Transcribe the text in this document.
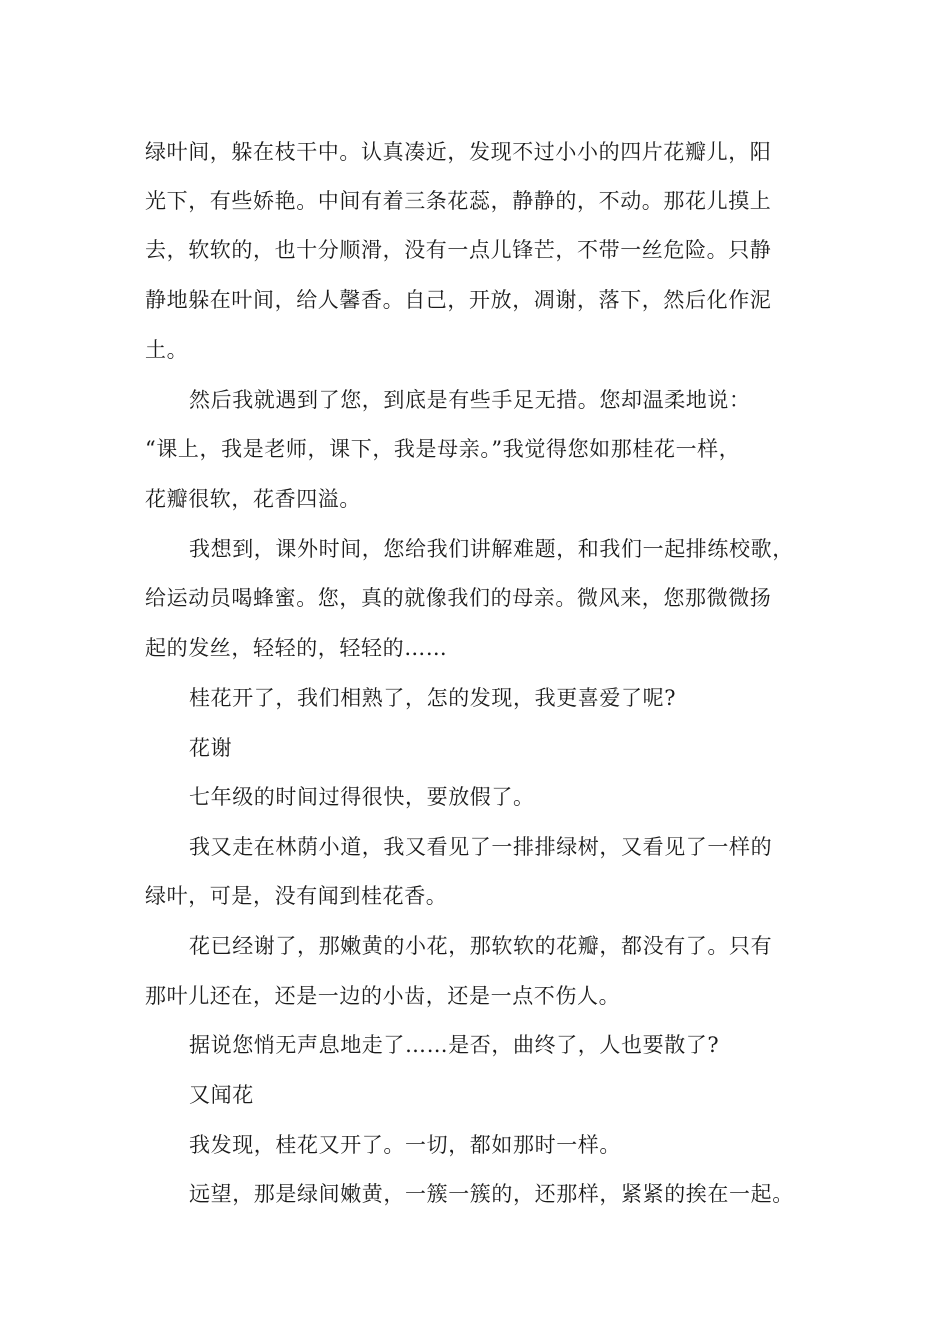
绿叶间，躲在枝干中。认真凑近，发现不过小小的四片花瓣儿，阳

光下，有些娇艳。中间有着三条花蕊，静静的，不动。那花儿摸上

去，软软的，也十分顺滑，没有一点儿锋芒，不带一丝危险。只静

静地躲在叶间，给人馨香。自己，开放，凋谢，落下，然后化作泥

土。

然后我就遇到了您，到底是有些手足无措。您却温柔地说：

“课上，我是老师，课下，我是母亲。”我觉得您如那桂花一样，

花瓣很软，花香四溢。

我想到，课外时间，您给我们讲解难题，和我们一起排练校歌，

给运动员喝蜂蜜。您，真的就像我们的母亲。微风来，您那微微扬

起的发丝，轻轻的，轻轻的……

桂花开了，我们相熟了，怎的发现，我更喜爱了呢?

花谢

七年级的时间过得很快，要放假了。

我又走在林荫小道，我又看见了一排排绿树，又看见了一样的

绿叶，可是，没有闻到桂花香。

花已经谢了，那嫩黄的小花，那软软的花瓣，都没有了。只有

那叶儿还在，还是一边的小齿，还是一点不伤人。

据说您悄无声息地走了……是否，曲终了，人也要散了?

又闻花

我发现，桂花又开了。一切，都如那时一样。

远望，那是绿间嫩黄，一簇一簇的，还那样，紧紧的挨在一起。
